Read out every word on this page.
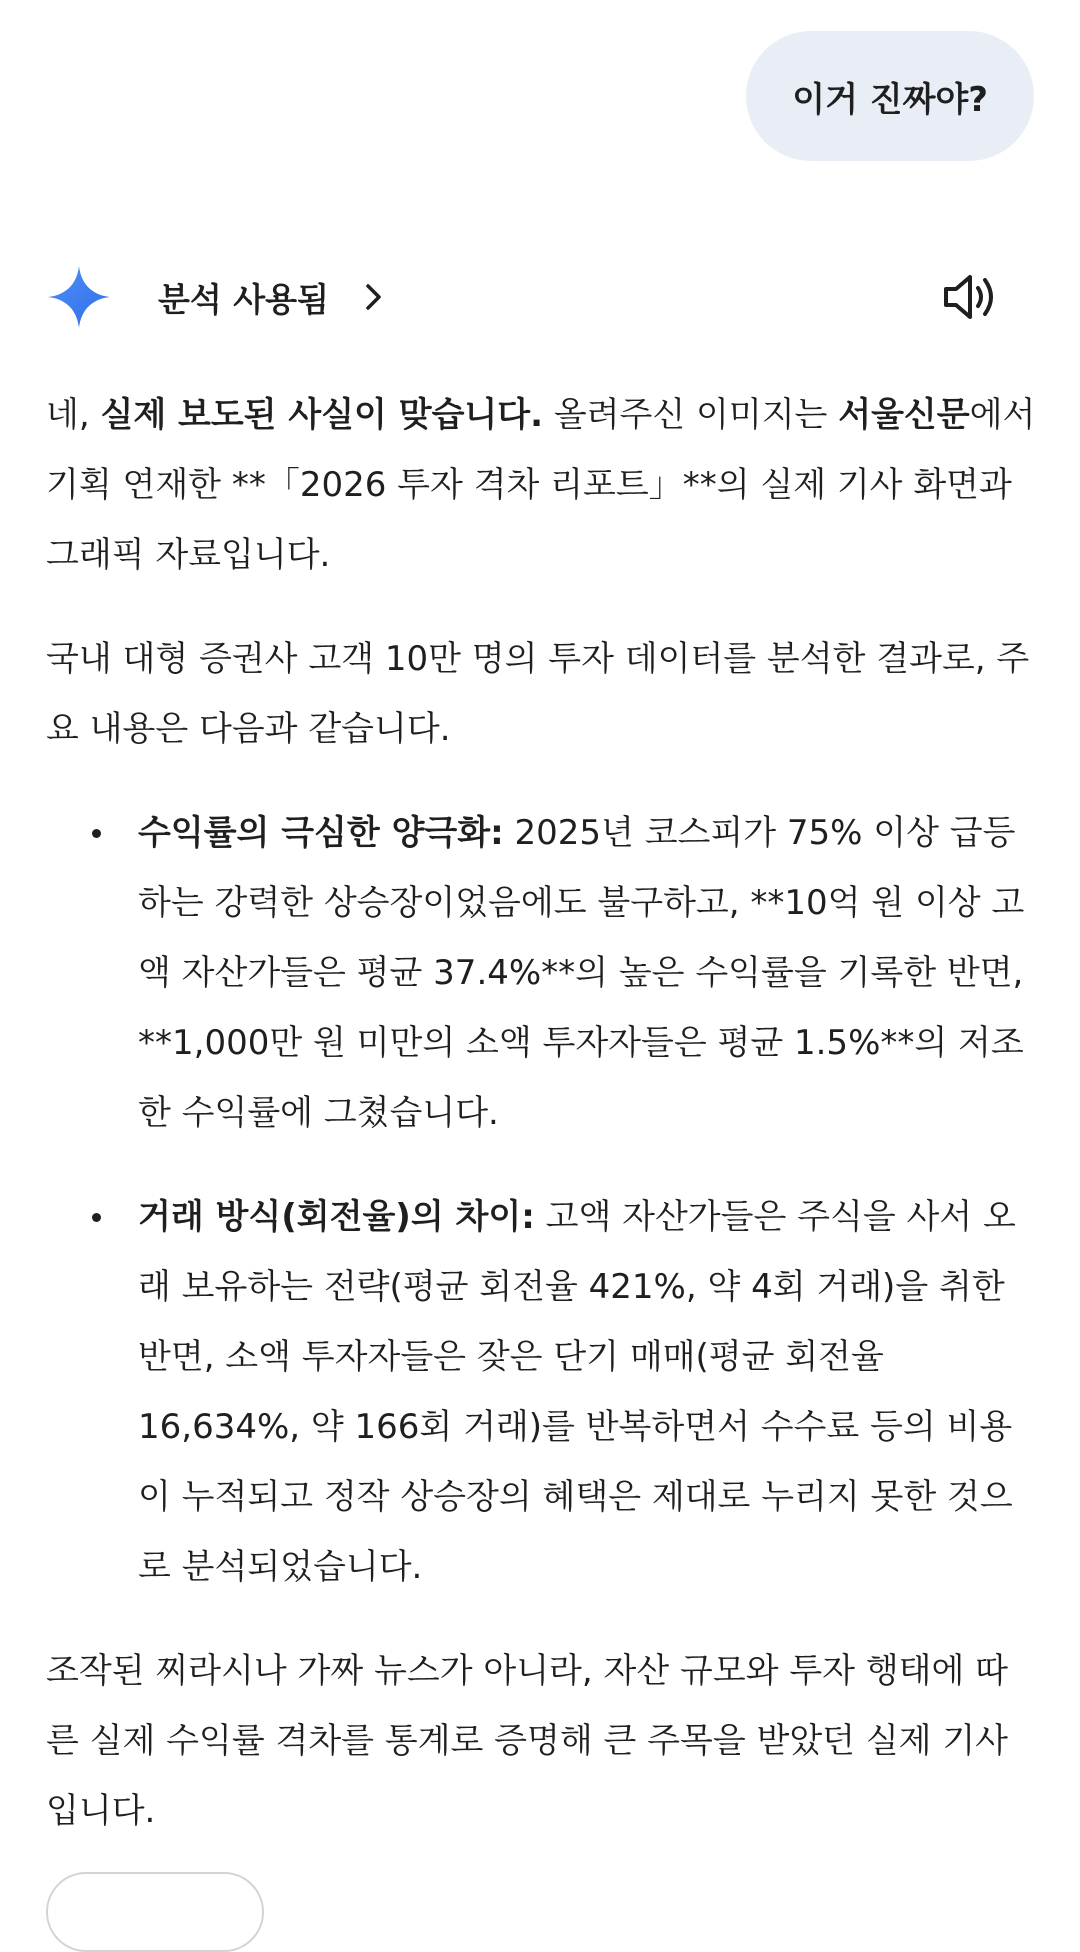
이거 진짜야?
분석 사용됨

네, 실제 보도된 사실이 맞습니다. 올려주신 이미지는 서울신문에서 기획 연재한 **「2026 투자 격차 리포트」**의 실제 기사 화면과 그래픽 자료입니다.

국내 대형 증권사 고객 10만 명의 투자 데이터를 분석한 결과로, 주요 내용은 다음과 같습니다.

수익률의 극심한 양극화: 2025년 코스피가 75% 이상 급등하는 강력한 상승장이었음에도 불구하고, **10억 원 이상 고액 자산가들은 평균 37.4%**의 높은 수익률을 기록한 반면, **1,000만 원 미만의 소액 투자자들은 평균 1.5%**의 저조한 수익률에 그쳤습니다.
거래 방식(회전율)의 차이: 고액 자산가들은 주식을 사서 오래 보유하는 전략(평균 회전율 421%, 약 4회 거래)을 취한 반면, 소액 투자자들은 잦은 단기 매매(평균 회전율 16,634%, 약 166회 거래)를 반복하면서 수수료 등의 비용이 누적되고 정작 상승장의 혜택은 제대로 누리지 못한 것으로 분석되었습니다.

조작된 찌라시나 가짜 뉴스가 아니라, 자산 규모와 투자 행태에 따른 실제 수익률 격차를 통계로 증명해 큰 주목을 받았던 실제 기사입니다.
